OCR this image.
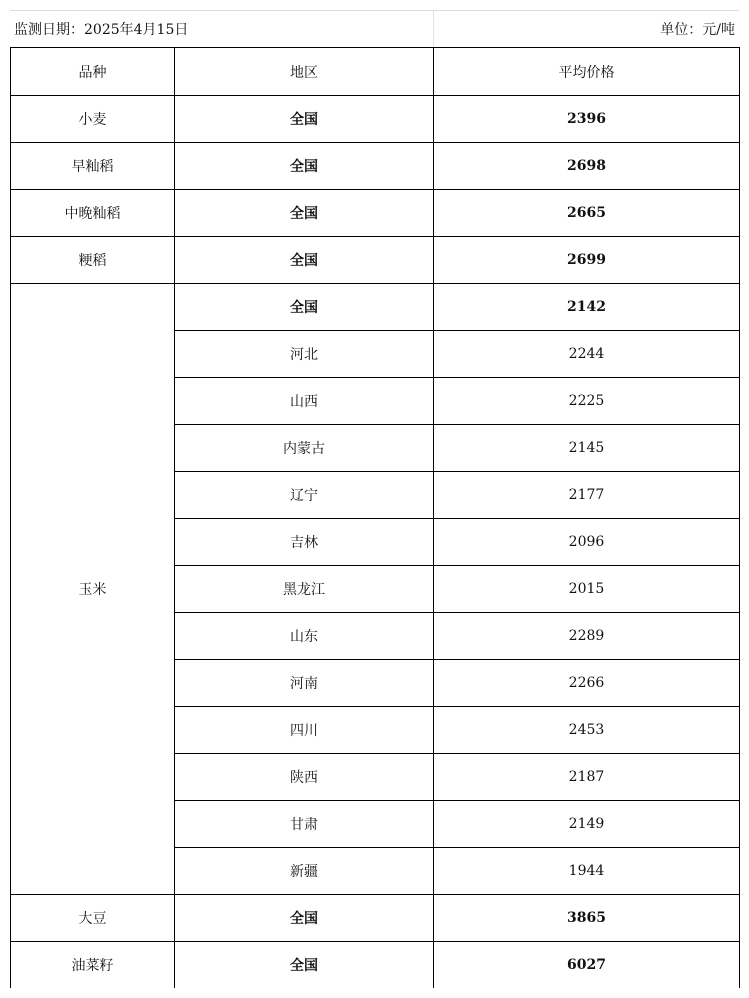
监测日期：2025年4月15日	单位：元/吨
品种	地区	平均价格
小麦	全国	2396
早籼稻	全国	2698
中晚籼稻	全国	2665
粳稻	全国	2699
玉米	全国	2142
	河北	2244
	山西	2225
	内蒙古	2145
	辽宁	2177
	吉林	2096
	黑龙江	2015
	山东	2289
	河南	2266
	四川	2453
	陕西	2187
	甘肃	2149
	新疆	1944
大豆	全国	3865
油菜籽	全国	6027
